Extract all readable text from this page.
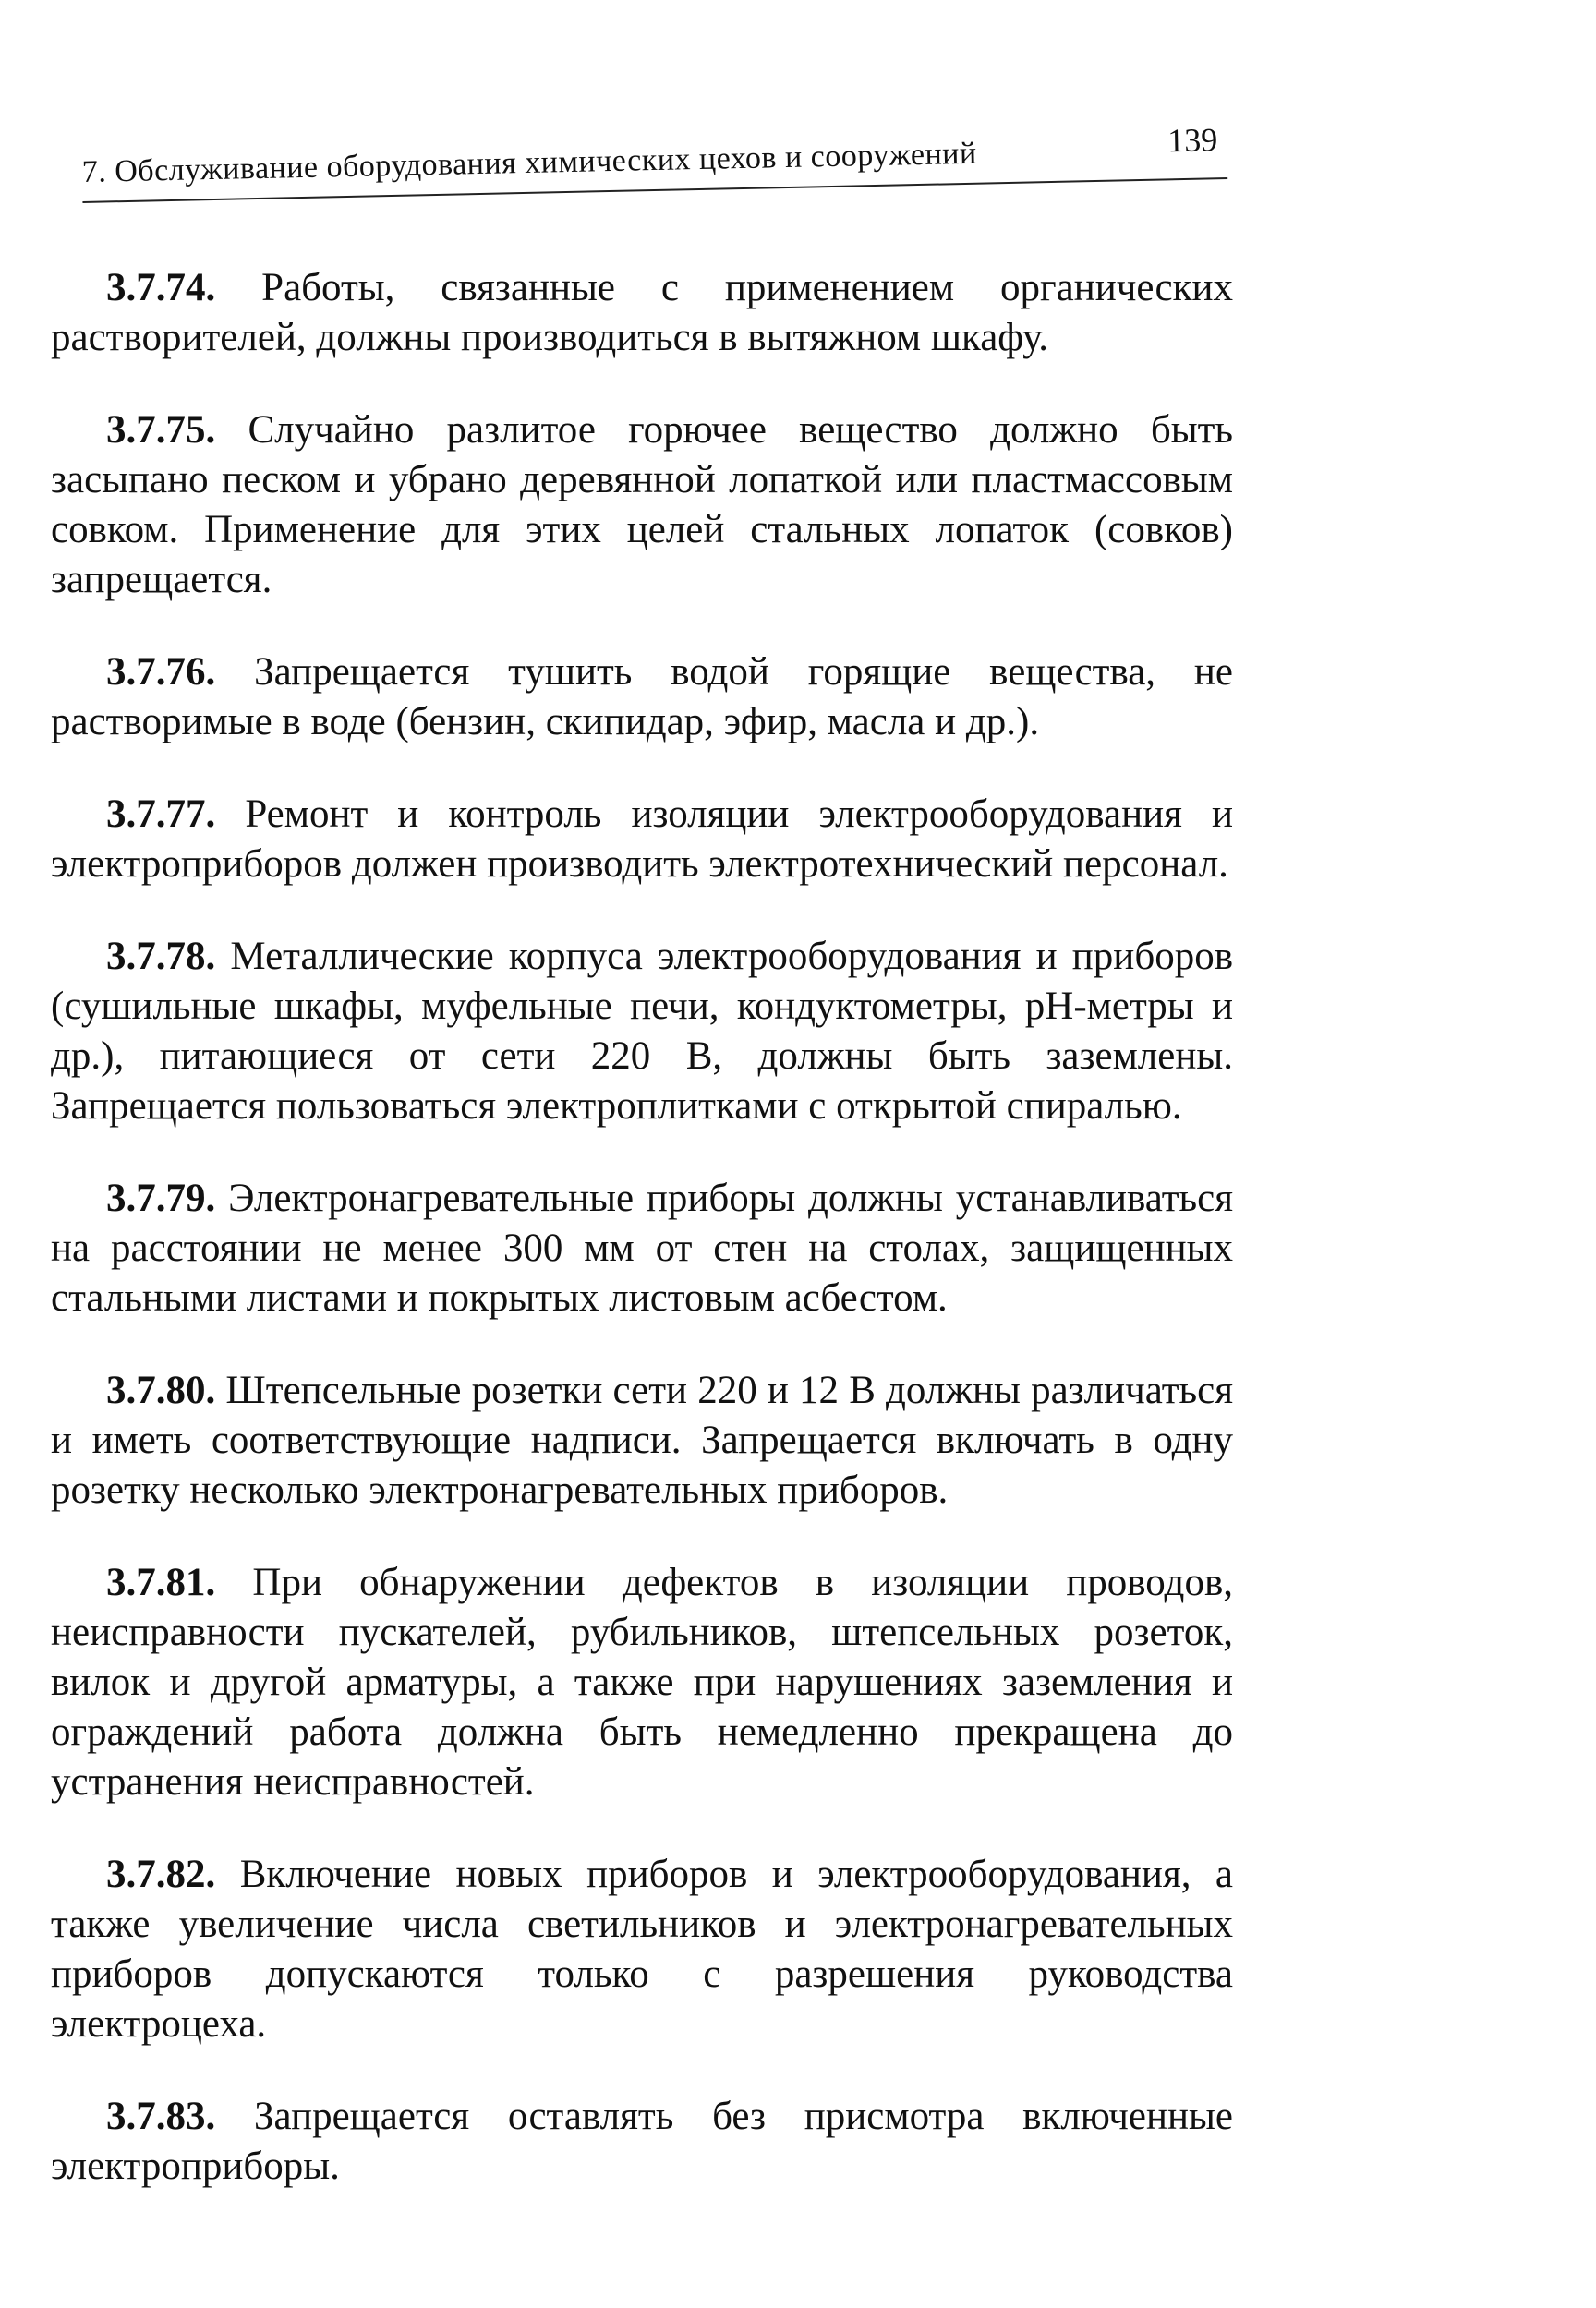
7. Обслуживание оборудования химических цехов и сооружений	139

3.7.74. Работы, связанные с применением органических растворителей, должны производиться в вытяжном шкафу.

3.7.75. Случайно разлитое горючее вещество должно быть засыпано песком и убрано деревянной лопаткой или пластмассовым совком. Применение для этих целей стальных лопаток (совков) запрещается.

3.7.76. Запрещается тушить водой горящие вещества, не растворимые в воде (бензин, скипидар, эфир, масла и др.).

3.7.77. Ремонт и контроль изоляции электрооборудования и электроприборов должен производить электротехнический персонал.

3.7.78. Металлические корпуса электрооборудования и приборов (сушильные шкафы, муфельные печи, кондуктометры, pH-метры и др.), питающиеся от сети 220 В, должны быть заземлены. Запрещается пользоваться электроплитками с открытой спиралью.

3.7.79. Электронагревательные приборы должны устанавливаться на расстоянии не менее 300 мм от стен на столах, защищенных стальными листами и покрытых листовым асбестом.

3.7.80. Штепсельные розетки сети 220 и 12 В должны различаться и иметь соответствующие надписи. Запрещается включать в одну розетку несколько электронагревательных приборов.

3.7.81. При обнаружении дефектов в изоляции проводов, неисправности пускателей, рубильников, штепсельных розеток, вилок и другой арматуры, а также при нарушениях заземления и ограждений работа должна быть немедленно прекращена до устранения неисправностей.

3.7.82. Включение новых приборов и электрооборудования, а также увеличение числа светильников и электронагревательных приборов допускаются только с разрешения руководства электроцеха.

3.7.83. Запрещается оставлять без присмотра включенные электроприборы.
